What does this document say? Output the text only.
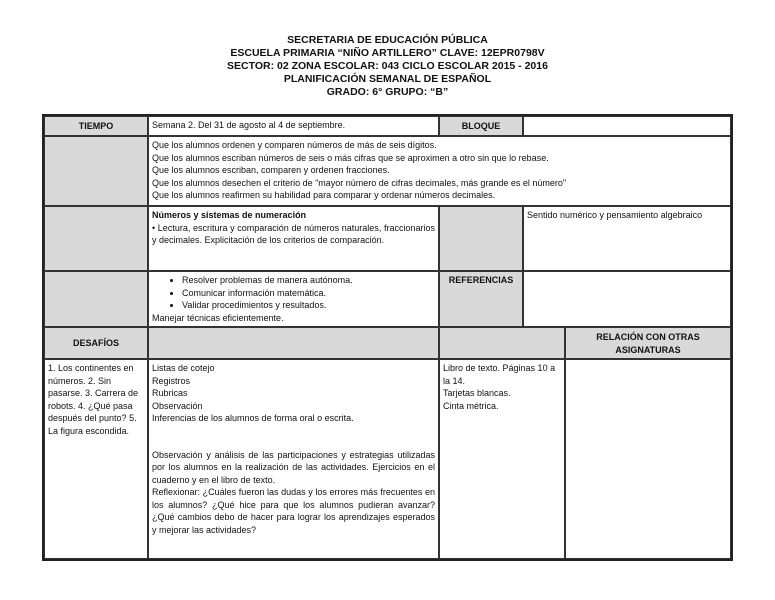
SECRETARIA DE EDUCACIÓN PÚBLICA
ESCUELA PRIMARIA “NIÑO ARTILLERO” CLAVE: 12EPR0798V
SECTOR: 02 ZONA ESCOLAR: 043 CICLO ESCOLAR 2015 - 2016
PLANIFICACIÓN SEMANAL DE ESPAÑOL
GRADO: 6° GRUPO: “B”
TIEMPO	Semana 2. Del 31 de agosto al 4 de septiembre.	BLOQUE
Que los alumnos ordenen y comparen números de más de seis dígitos.
Que los alumnos escriban números de seis o más cifras que se aproximen a otro sin que lo rebase.
Que los alumnos escriban, comparen y ordenen fracciones.
Que los alumnos desechen el criterio de "mayor número de cifras decimales, más grande es el número"
Que los alumnos reafirmen su habilidad para comparar y ordenar números decimales.
Números y sistemas de numeración
• Lectura, escritura y comparación de números naturales, fraccionarios y decimales. Explicitación de los criterios de comparación.
Sentido numérico y pensamiento algebraico
• Resolver problemas de manera autónoma.
• Comunicar información matemática.
• Validar procedimientos y resultados.
Manejar técnicas eficientemente.
REFERENCIAS
DESAFÍOS
RELACIÓN CON OTRAS ASIGNATURAS
1. Los continentes en números. 2. Sin pasarse. 3. Carrera de robots. 4. ¿Qué pasa después del punto? 5. La figura escondida.
Listas de cotejo
Registros
Rubricas
Observación
Inferencias de los alumnos de forma oral o escrita.
Observación y análisis de las participaciones y estrategias utilizadas por los alumnos en la realización de las actividades. Ejercicios en el cuaderno y en el libro de texto.
Reflexionar: ¿Cuáles fueron las dudas y los errores más frecuentes en los alumnos? ¿Qué hice para que los alumnos pudieran avanzar? ¿Qué cambios debo de hacer para lograr los aprendizajes esperados y mejorar las actividades?
Libro de texto. Páginas 10 a la 14.
Tarjetas blancas.
Cinta métrica.
